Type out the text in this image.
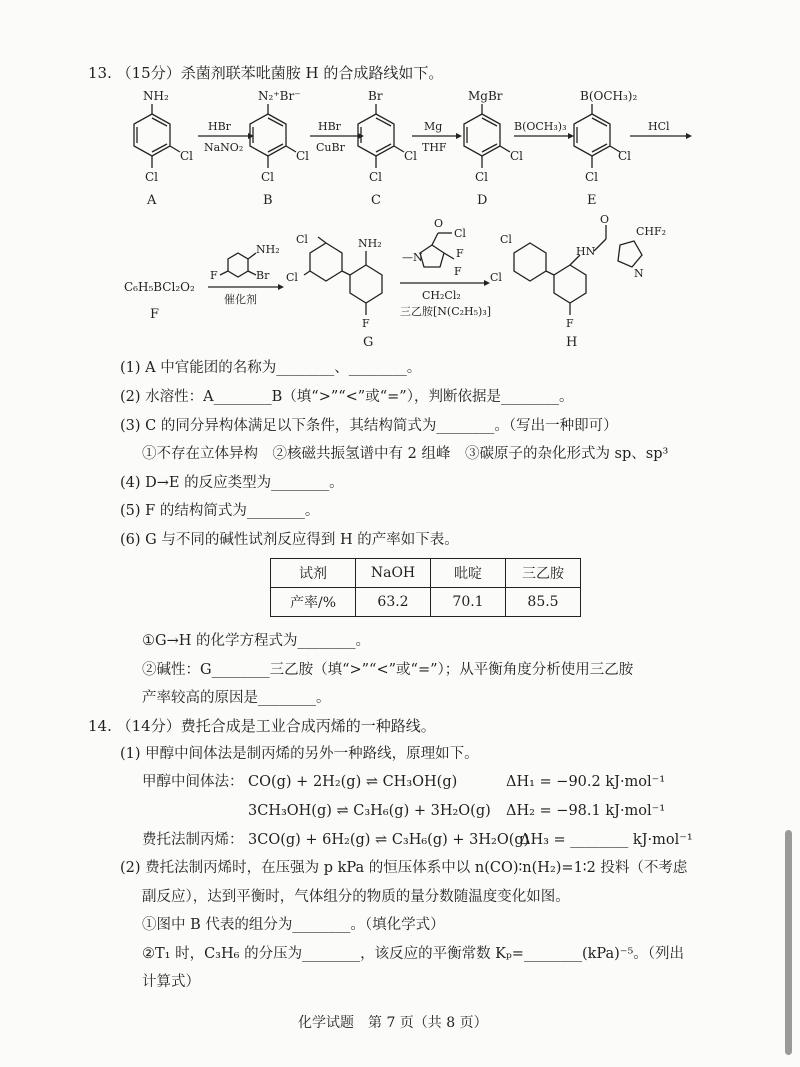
13. （15分）杀菌剂联苯吡菌胺 H 的合成路线如下。
NH₂
Cl
Cl
A
HBr
NaNO₂
N₂⁺Br⁻
Cl
Cl
B
HBr
CuBr
Br
Cl
Cl
C
Mg
THF
MgBr
Cl
Cl
D
B(OCH₃)₃
B(OCH₃)₂
Cl
Cl
E
HCl
C₆H₅BCl₂O₂
F
NH₂
Br
F
催化剂
Cl
Cl
NH₂
F
G
O
Cl
—N	F
F
CH₂Cl₂
三乙胺[N(C₂H₅)₃]
Cl
Cl
HN
O
CHF₂
N
F
H
(1) A 中官能团的名称为________、________。
(2) 水溶性：A________B（填“>”“<”或“=”），判断依据是________。
(3) C 的同分异构体满足以下条件，其结构简式为________。（写出一种即可）
①不存在立体异构　②核磁共振氢谱中有 2 组峰　③碳原子的杂化形式为 sp、sp³
(4) D→E 的反应类型为________。
(5) F 的结构简式为________。
(6) G 与不同的碱性试剂反应得到 H 的产率如下表。
试剂	NaOH	吡啶	三乙胺
产率/%	63.2	70.1	85.5
①G→H 的化学方程式为________。
②碱性：G________三乙胺（填“>”“<”或“=”）；从平衡角度分析使用三乙胺
产率较高的原因是________。
14. （14分）费托合成是工业合成丙烯的一种路线。
(1) 甲醇中间体法是制丙烯的另外一种路线，原理如下。
甲醇中间体法： CO(g) + 2H₂(g) ⇌ CH₃OH(g)	ΔH₁ = −90.2 kJ·mol⁻¹
3CH₃OH(g) ⇌ C₃H₆(g) + 3H₂O(g) ΔH₂ = −98.1 kJ·mol⁻¹
费托法制丙烯： 3CO(g) + 6H₂(g) ⇌ C₃H₆(g) + 3H₂O(g)
ΔH₃ = ________ kJ·mol⁻¹
(2) 费托法制丙烯时，在压强为 p kPa 的恒压体系中以 n(CO)∶n(H₂)=1∶2 投料（不考虑
副反应），达到平衡时，气体组分的物质的量分数随温度变化如图。
①图中 B 代表的组分为________。（填化学式）
②T₁ 时，C₃H₆ 的分压为________，该反应的平衡常数 Kₚ=________(kPa)⁻⁵。（列出
计算式）
化学试题　第 7 页（共 8 页）
